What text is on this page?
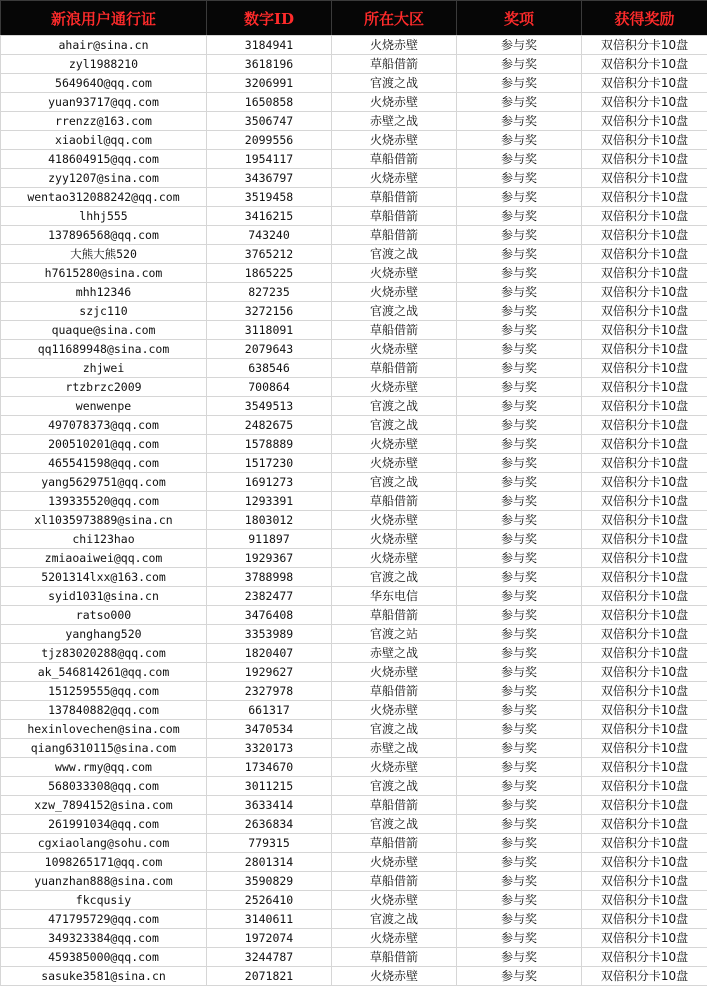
新浪用户通行证	数字ID	所在大区	奖项	获得奖励
ahair@sina.cn	3184941	火烧赤壁	参与奖	双倍积分卡10盘
zyl1988210	3618196	草船借箭	参与奖	双倍积分卡10盘
564964O@qq.com	3206991	官渡之战	参与奖	双倍积分卡10盘
yuan93717@qq.com	1650858	火烧赤壁	参与奖	双倍积分卡10盘
rrenzz@163.com	3506747	赤壁之战	参与奖	双倍积分卡10盘
xiaobil@qq.com	2099556	火烧赤壁	参与奖	双倍积分卡10盘
418604915@qq.com	1954117	草船借箭	参与奖	双倍积分卡10盘
zyy1207@sina.com	3436797	火烧赤壁	参与奖	双倍积分卡10盘
wentao312088242@qq.com	3519458	草船借箭	参与奖	双倍积分卡10盘
lhhj555	3416215	草船借箭	参与奖	双倍积分卡10盘
137896568@qq.com	743240	草船借箭	参与奖	双倍积分卡10盘
大熊大熊520	3765212	官渡之战	参与奖	双倍积分卡10盘
h7615280@sina.com	1865225	火烧赤壁	参与奖	双倍积分卡10盘
mhh12346	827235	火烧赤壁	参与奖	双倍积分卡10盘
szjc110	3272156	官渡之战	参与奖	双倍积分卡10盘
quaque@sina.com	3118091	草船借箭	参与奖	双倍积分卡10盘
qq11689948@sina.com	2079643	火烧赤壁	参与奖	双倍积分卡10盘
zhjwei	638546	草船借箭	参与奖	双倍积分卡10盘
rtzbrzc2009	700864	火烧赤壁	参与奖	双倍积分卡10盘
wenwenpe	3549513	官渡之战	参与奖	双倍积分卡10盘
497078373@qq.com	2482675	官渡之战	参与奖	双倍积分卡10盘
200510201@qq.com	1578889	火烧赤壁	参与奖	双倍积分卡10盘
465541598@qq.com	1517230	火烧赤壁	参与奖	双倍积分卡10盘
yang5629751@qq.com	1691273	官渡之战	参与奖	双倍积分卡10盘
139335520@qq.com	1293391	草船借箭	参与奖	双倍积分卡10盘
xl1035973889@sina.cn	1803012	火烧赤壁	参与奖	双倍积分卡10盘
chi123hao	911897	火烧赤壁	参与奖	双倍积分卡10盘
zmiaoaiwei@qq.com	1929367	火烧赤壁	参与奖	双倍积分卡10盘
5201314lxx@163.com	3788998	官渡之战	参与奖	双倍积分卡10盘
syid1031@sina.cn	2382477	华东电信	参与奖	双倍积分卡10盘
ratso000	3476408	草船借箭	参与奖	双倍积分卡10盘
yanghang520	3353989	官渡之站	参与奖	双倍积分卡10盘
tjz83020288@qq.com	1820407	赤壁之战	参与奖	双倍积分卡10盘
ak_546814261@qq.com	1929627	火烧赤壁	参与奖	双倍积分卡10盘
151259555@qq.com	2327978	草船借箭	参与奖	双倍积分卡10盘
137840882@qq.com	661317	火烧赤壁	参与奖	双倍积分卡10盘
hexinlovechen@sina.com	3470534	官渡之战	参与奖	双倍积分卡10盘
qiang6310115@sina.com	3320173	赤壁之战	参与奖	双倍积分卡10盘
www.rmy@qq.com	1734670	火烧赤壁	参与奖	双倍积分卡10盘
568033308@qq.com	3011215	官渡之战	参与奖	双倍积分卡10盘
xzw_7894152@sina.com	3633414	草船借箭	参与奖	双倍积分卡10盘
261991034@qq.com	2636834	官渡之战	参与奖	双倍积分卡10盘
cgxiaolang@sohu.com	779315	草船借箭	参与奖	双倍积分卡10盘
1098265171@qq.com	2801314	火烧赤壁	参与奖	双倍积分卡10盘
yuanzhan888@sina.com	3590829	草船借箭	参与奖	双倍积分卡10盘
fkcqusiy	2526410	火烧赤壁	参与奖	双倍积分卡10盘
471795729@qq.com	3140611	官渡之战	参与奖	双倍积分卡10盘
349323384@qq.com	1972074	火烧赤壁	参与奖	双倍积分卡10盘
459385000@qq.com	3244787	草船借箭	参与奖	双倍积分卡10盘
sasuke3581@sina.cn	2071821	火烧赤壁	参与奖	双倍积分卡10盘
